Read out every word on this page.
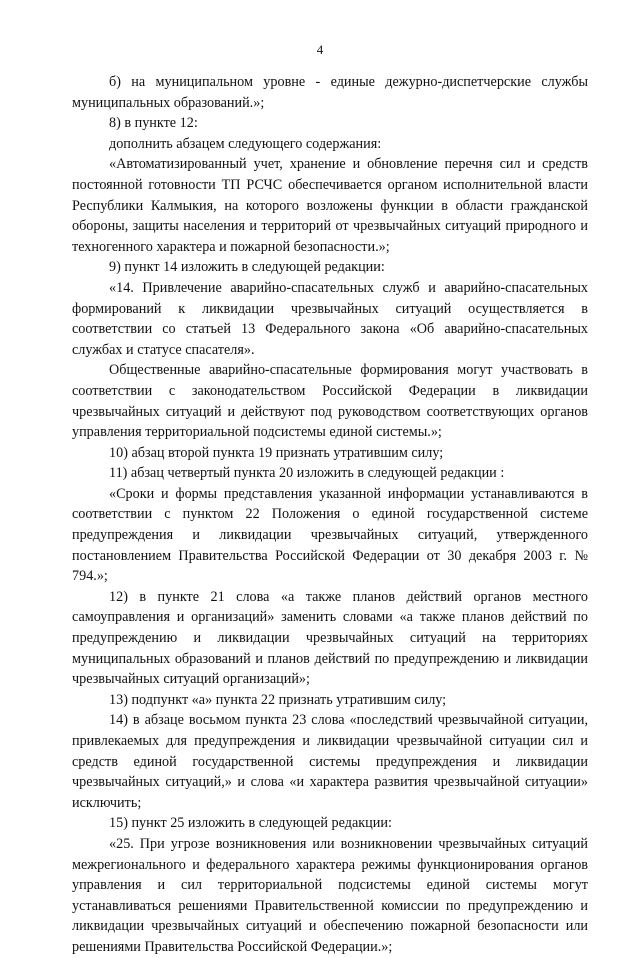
4

б) на муниципальном уровне - единые дежурно-диспетчерские службы муниципальных образований.»;

8) в пункте 12:

дополнить абзацем следующего содержания:

«Автоматизированный учет, хранение и обновление перечня сил и средств постоянной готовности ТП РСЧС обеспечивается органом исполнительной власти Республики Калмыкия, на которого возложены функции в области гражданской обороны, защиты населения и территорий от чрезвычайных ситуаций природного и техногенного характера и пожарной безопасности.»;

9) пункт 14 изложить в следующей редакции:

«14. Привлечение аварийно-спасательных служб и аварийно-спасательных формирований к ликвидации чрезвычайных ситуаций осуществляется в соответствии со статьей 13 Федерального закона «Об аварийно-спасательных службах и статусе спасателя».

Общественные аварийно-спасательные формирования могут участвовать в соответствии с законодательством Российской Федерации в ликвидации чрезвычайных ситуаций и действуют под руководством соответствующих органов управления территориальной подсистемы единой системы.»;

10) абзац второй пункта 19 признать утратившим силу;

11) абзац четвертый пункта 20 изложить в следующей редакции :

«Сроки и формы представления указанной информации устанавливаются в соответствии с пунктом 22 Положения о единой государственной системе предупреждения и ликвидации чрезвычайных ситуаций, утвержденного постановлением Правительства Российской Федерации от 30 декабря 2003 г. № 794.»;

12) в пункте 21 слова «а также планов действий органов местного самоуправления и организаций» заменить словами «а также планов действий по предупреждению и ликвидации чрезвычайных ситуаций на территориях муниципальных образований и планов действий по предупреждению и ликвидации чрезвычайных ситуаций организаций»;

13) подпункт «а» пункта 22 признать утратившим силу;

14) в абзаце восьмом пункта 23 слова «последствий чрезвычайной ситуации, привлекаемых для предупреждения и ликвидации чрезвычайной ситуации сил и средств единой государственной системы предупреждения и ликвидации чрезвычайных ситуаций,» и слова «и характера развития чрезвычайной ситуации» исключить;

15) пункт 25 изложить в следующей редакции:

«25. При угрозе возникновения или возникновении чрезвычайных ситуаций межрегионального и федерального характера режимы функционирования органов управления и сил территориальной подсистемы единой системы могут устанавливаться решениями Правительственной комиссии по предупреждению и ликвидации чрезвычайных ситуаций и обеспечению пожарной безопасности или решениями Правительства Российской Федерации.»;
